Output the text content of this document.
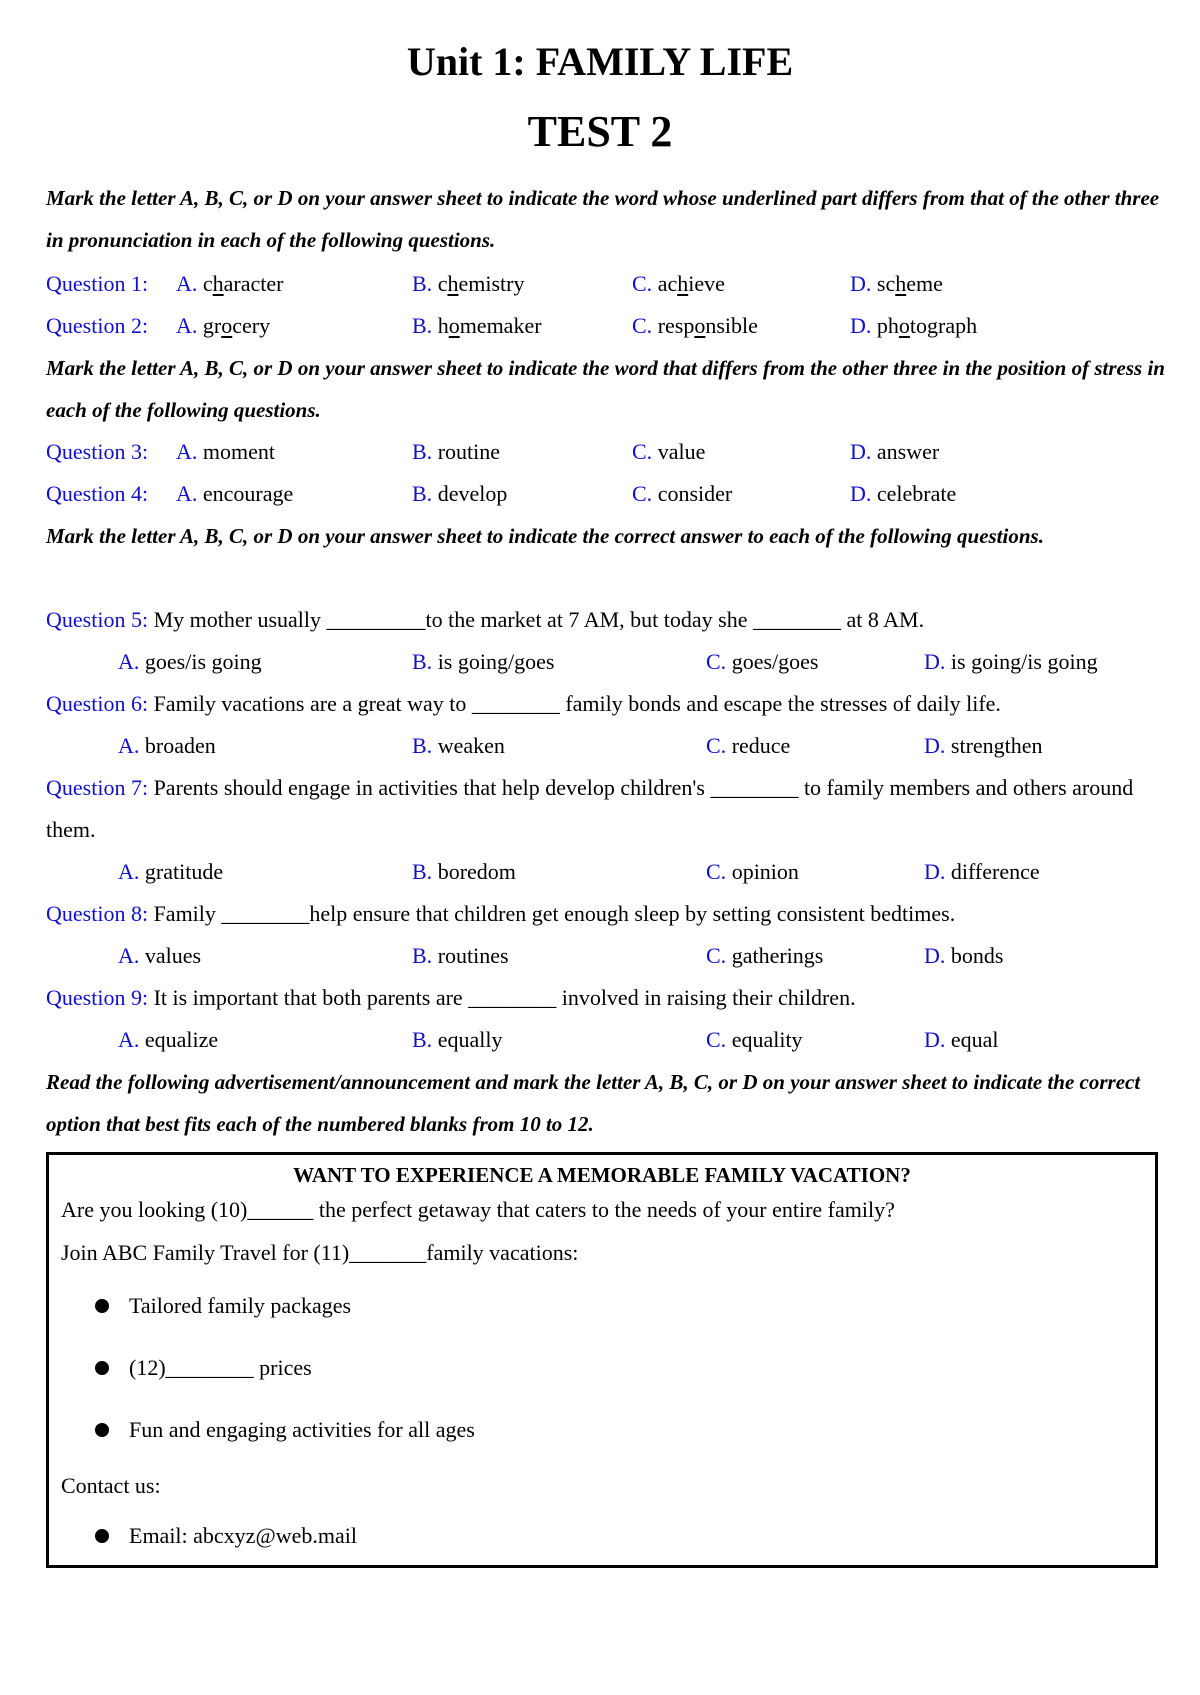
Unit 1: FAMILY LIFE
TEST 2

Mark the letter A, B, C, or D on your answer sheet to indicate the word whose underlined part differs from that of the other three in pronunciation in each of the following questions.

Question 1: A. character	B. chemistry	C. achieve	D. scheme
Question 2: A. grocery	B. homemaker	C. responsible	D. photograph

Mark the letter A, B, C, or D on your answer sheet to indicate the word that differs from the other three in the position of stress in each of the following questions.

Question 3: A. moment	B. routine	C. value	D. answer
Question 4: A. encourage	B. develop	C. consider	D. celebrate

Mark the letter A, B, C, or D on your answer sheet to indicate the correct answer to each of the following questions.

Question 5: My mother usually _________to the market at 7 AM, but today she ________ at 8 AM.

A. goes/is going	B. is going/goes	C. goes/goes	D. is going/is going

Question 6: Family vacations are a great way to ________ family bonds and escape the stresses of daily life.

A. broaden	B. weaken	C. reduce	D. strengthen

Question 7: Parents should engage in activities that help develop children's ________ to family members and others around them.

A. gratitude	B. boredom	C. opinion	D. difference

Question 8: Family ________help ensure that children get enough sleep by setting consistent bedtimes.

A. values	B. routines	C. gatherings	D. bonds

Question 9: It is important that both parents are ________ involved in raising their children.

A. equalize	B. equally	C. equality	D. equal

Read the following advertisement/announcement and mark the letter A, B, C, or D on your answer sheet to indicate the correct option that best fits each of the numbered blanks from 10 to 12.

WANT TO EXPERIENCE A MEMORABLE FAMILY VACATION?

Are you looking (10)______ the perfect getaway that caters to the needs of your entire family?

Join ABC Family Travel for (11)_______family vacations:

Tailored family packages
(12)________ prices
Fun and engaging activities for all ages

Contact us:

Email: abcxyz@web.mail
